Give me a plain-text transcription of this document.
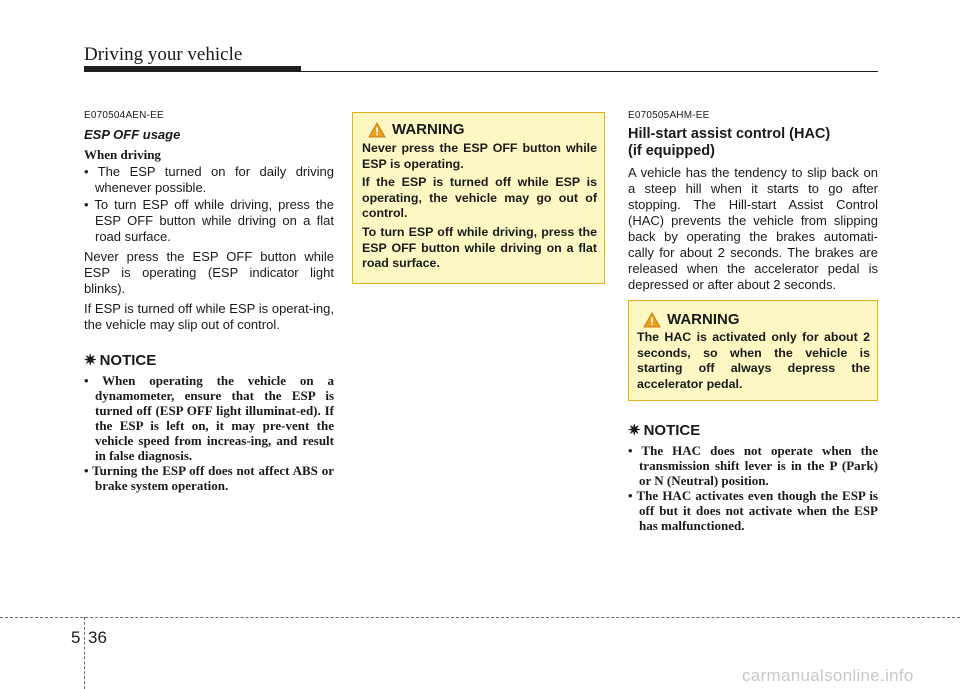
Driving your vehicle
E070504AEN-EE
ESP OFF usage
When driving
• The ESP turned on for daily driving whenever possible.
• To turn ESP off while driving, press the ESP OFF button while driving on a flat road surface.
Never press the ESP OFF button while ESP is operating (ESP indicator light blinks).
If ESP is turned off while ESP is operat-ing, the vehicle may slip out of control.
✷ NOTICE
• When operating the vehicle on a dynamometer, ensure that the ESP is turned off (ESP OFF light illuminat-ed). If the ESP is left on, it may pre-vent the vehicle speed from increas-ing, and result in false diagnosis.
• Turning the ESP off does not affect ABS or brake system operation.
WARNING
Never press the ESP OFF button while ESP is operating.
If the ESP is turned off while ESP is operating, the vehicle may go out of control.
To turn ESP off while driving, press the ESP OFF button while driving on a flat road surface.
E070505AHM-EE
Hill-start assist control (HAC)
(if equipped)
A vehicle has the tendency to slip back on a steep hill when it starts to go after stopping. The Hill-start Assist Control (HAC) prevents the vehicle from slipping back by operating the brakes automati-cally for about 2 seconds. The brakes are released when the accelerator pedal is depressed or after about 2 seconds.
WARNING
The HAC is activated only for about 2 seconds, so when the vehicle is starting off always depress the accelerator pedal.
✷ NOTICE
• The HAC does not operate when the transmission shift lever is in the P (Park) or N (Neutral) position.
• The HAC activates even though the ESP is off but it does not activate when the ESP has malfunctioned.
5 36
carmanualsonline.info
